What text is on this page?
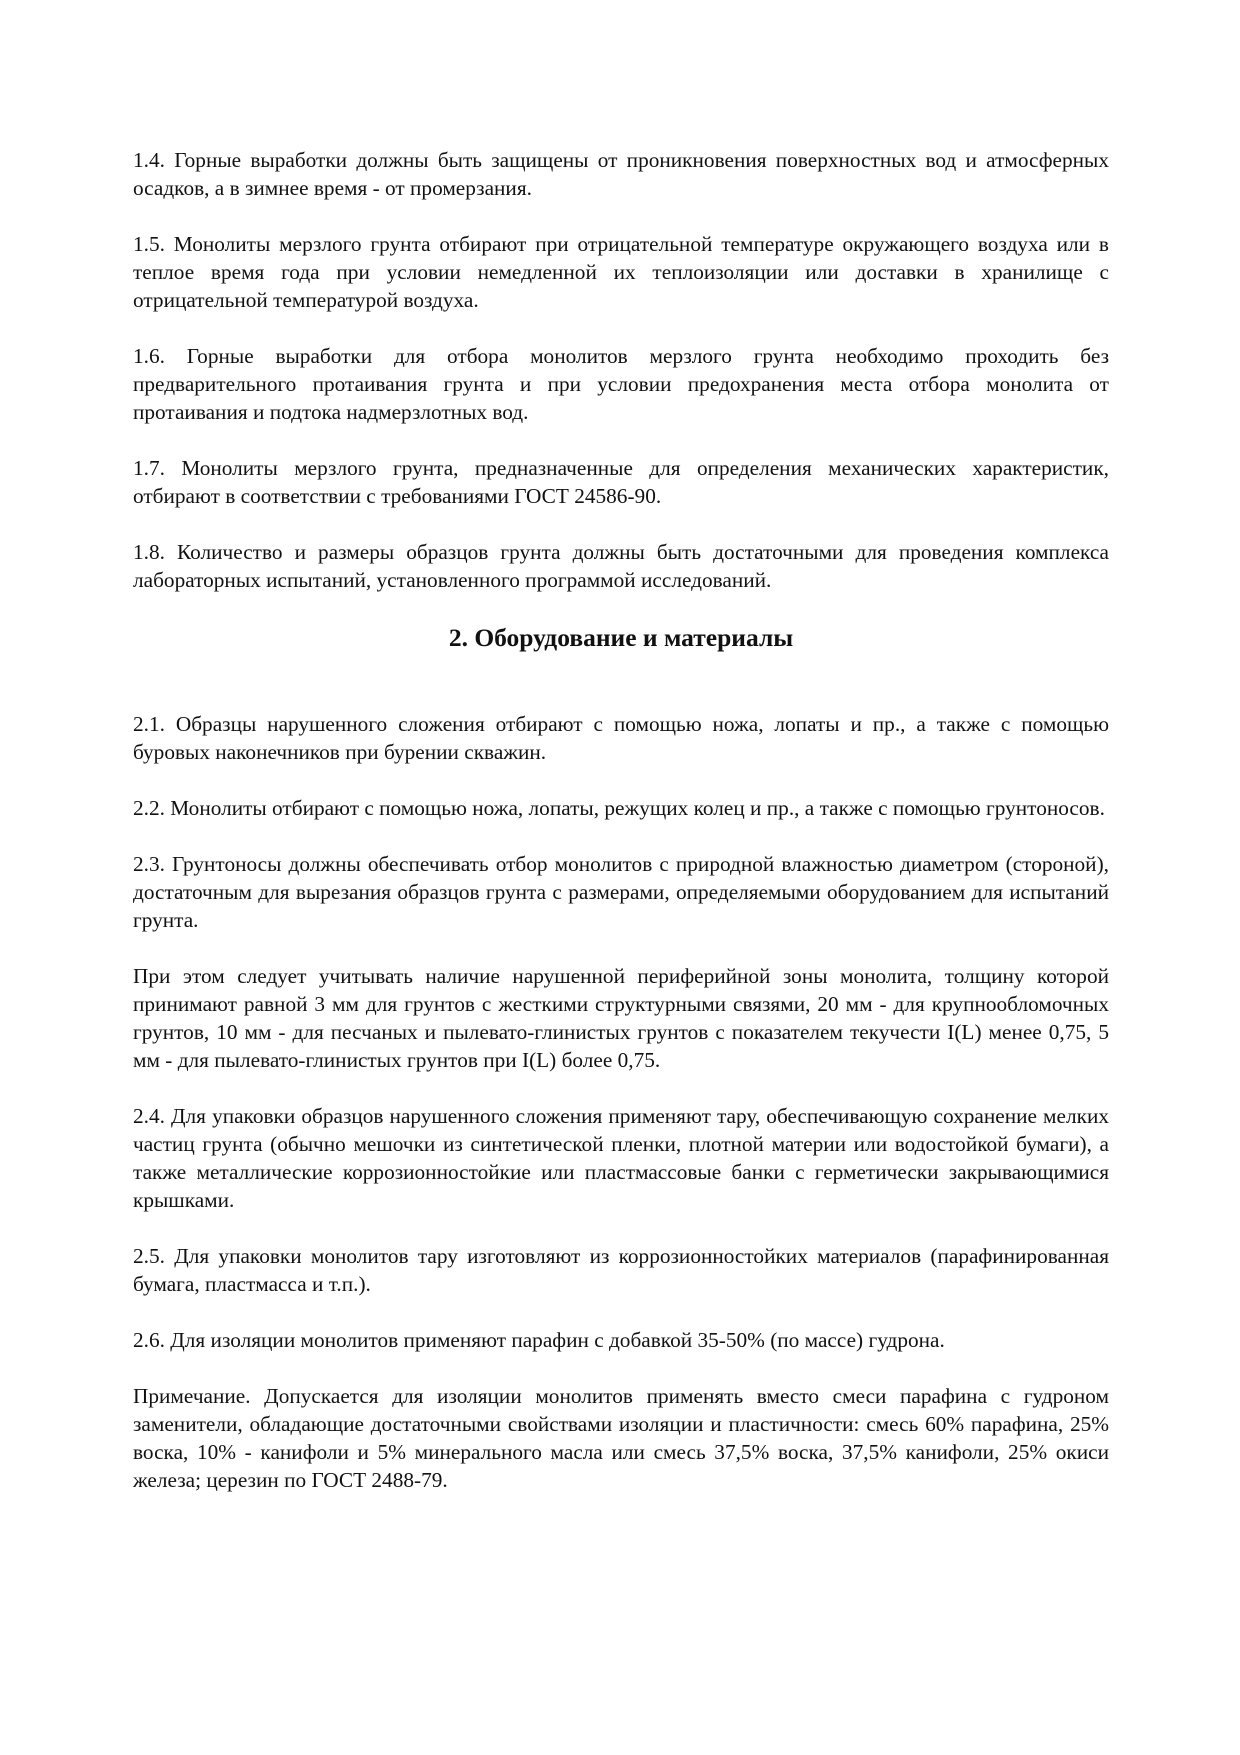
1.4. Горные выработки должны быть защищены от проникновения поверхностных вод и атмосферных осадков, а в зимнее время - от промерзания.

1.5. Монолиты мерзлого грунта отбирают при отрицательной температуре окружающего воздуха или в теплое время года при условии немедленной их теплоизоляции или доставки в хранилище с отрицательной температурой воздуха.

1.6. Горные выработки для отбора монолитов мерзлого грунта необходимо проходить без предварительного протаивания грунта и при условии предохранения места отбора монолита от протаивания и подтока надмерзлотных вод.

1.7. Монолиты мерзлого грунта, предназначенные для определения механических характеристик, отбирают в соответствии с требованиями ГОСТ 24586-90.

1.8. Количество и размеры образцов грунта должны быть достаточными для проведения комплекса лабораторных испытаний, установленного программой исследований.

2. Оборудование и материалы

2.1. Образцы нарушенного сложения отбирают с помощью ножа, лопаты и пр., а также с помощью буровых наконечников при бурении скважин.

2.2. Монолиты отбирают с помощью ножа, лопаты, режущих колец и пр., а также с помощью грунтоносов.

2.3. Грунтоносы должны обеспечивать отбор монолитов с природной влажностью диаметром (стороной), достаточным для вырезания образцов грунта с размерами, определяемыми оборудованием для испытаний грунта.

При этом следует учитывать наличие нарушенной периферийной зоны монолита, толщину которой принимают равной 3 мм для грунтов с жесткими структурными связями, 20 мм - для крупнообломочных грунтов, 10 мм - для песчаных и пылевато-глинистых грунтов с показателем текучести I(L) менее 0,75, 5 мм - для пылевато-глинистых грунтов при I(L) более 0,75.

2.4. Для упаковки образцов нарушенного сложения применяют тару, обеспечивающую сохранение мелких частиц грунта (обычно мешочки из синтетической пленки, плотной материи или водостойкой бумаги), а также металлические коррозионностойкие или пластмассовые банки с герметически закрывающимися крышками.

2.5. Для упаковки монолитов тару изготовляют из коррозионностойких материалов (парафинированная бумага, пластмасса и т.п.).

2.6. Для изоляции монолитов применяют парафин с добавкой 35-50% (по массе) гудрона.

Примечание. Допускается для изоляции монолитов применять вместо смеси парафина с гудроном заменители, обладающие достаточными свойствами изоляции и пластичности: смесь 60% парафина, 25% воска, 10% - канифоли и 5% минерального масла или смесь 37,5% воска, 37,5% канифоли, 25% окиси железа; церезин по ГОСТ 2488-79.
